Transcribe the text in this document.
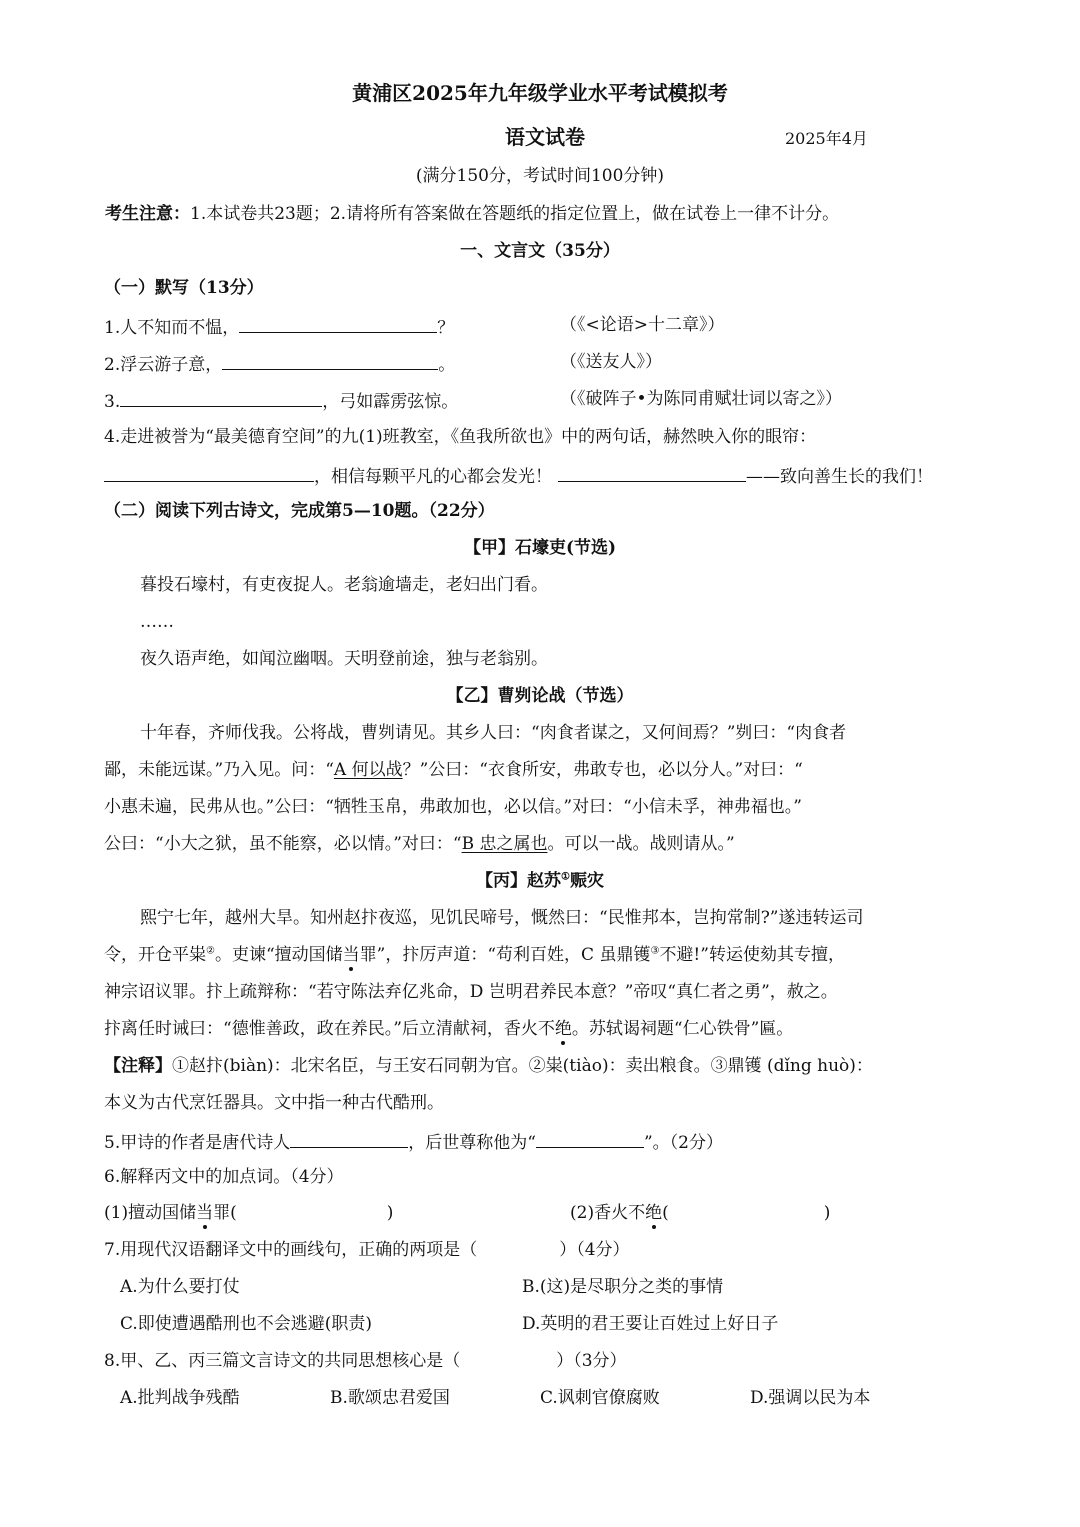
黄浦区2025年九年级学业水平考试模拟考
语文试卷	2025年4月
(满分150分，考试时间100分钟)
考生注意：1.本试卷共23题；2.请将所有答案做在答题纸的指定位置上，做在试卷上一律不计分。
一、文言文（35分）
（一）默写（13分）
1.人不知而不愠，	？	（《<论语>十二章》）
2.浮云游子意，	。	（《送友人》）
3.	，弓如霹雳弦惊。	（《破阵子•为陈同甫赋壮词以寄之》）
4.走进被誉为“最美德育空间”的九(1)班教室，《鱼我所欲也》中的两句话，赫然映入你的眼帘：
，相信每颗平凡的心都会发光！	——致向善生长的我们！
（二）阅读下列古诗文，完成第5—10题。（22分）
【甲】石壕吏(节选)
暮投石壕村，有吏夜捉人。老翁逾墙走，老妇出门看。
……
夜久语声绝，如闻泣幽咽。天明登前途，独与老翁别。
【乙】曹刿论战（节选）
十年春，齐师伐我。公将战，曹刿请见。其乡人曰：“肉食者谋之，又何间焉？”刿曰：“肉食者
鄙，未能远谋。”乃入见。问：“A 何以战？”公曰：“衣食所安，弗敢专也，必以分人。”对曰：“
小惠未遍，民弗从也。”公曰：“牺牲玉帛，弗敢加也，必以信。”对曰：“小信未孚，神弗福也。”
公曰：“小大之狱，虽不能察，必以情。”对曰：“B 忠之属也。可以一战。战则请从。”
【丙】赵苏①赈灾
熙宁七年，越州大旱。知州赵抃夜巡，见饥民啼号，慨然曰：“民惟邦本，岂拘常制?”遂违转运司
令，开仓平粜②。吏谏“擅动国储当罪”，抃厉声道：“苟利百姓，C 虽鼎镬③不避!”转运使劾其专擅，
神宗诏议罪。抃上疏辩称：“若守陈法弃亿兆命，D 岂明君养民本意？”帝叹“真仁者之勇”，赦之。
抃离任时诫曰：“德惟善政，政在养民。”后立清献祠，香火不绝。苏轼谒祠题“仁心铁骨”匾。
【注释】①赵抃(biàn)：北宋名臣，与王安石同朝为官。②粜(tiào)：卖出粮食。③鼎镬 (dǐng huò)：
本义为古代烹饪器具。文中指一种古代酷刑。
5.甲诗的作者是唐代诗人	，后世尊称他为“	”。（2分）
6.解释丙文中的加点词。（4分）
(1)擅动国储当罪(	)	(2)香火不绝(	)
7.用现代汉语翻译文中的画线句，正确的两项是（	）（4分）
A.为什么要打仗	B.(这)是尽职分之类的事情
C.即使遭遇酷刑也不会逃避(职责)	D.英明的君王要让百姓过上好日子
8.甲、乙、丙三篇文言诗文的共同思想核心是（	）（3分）
A.批判战争残酷	B.歌颂忠君爱国	C.讽刺官僚腐败	D.强调以民为本
